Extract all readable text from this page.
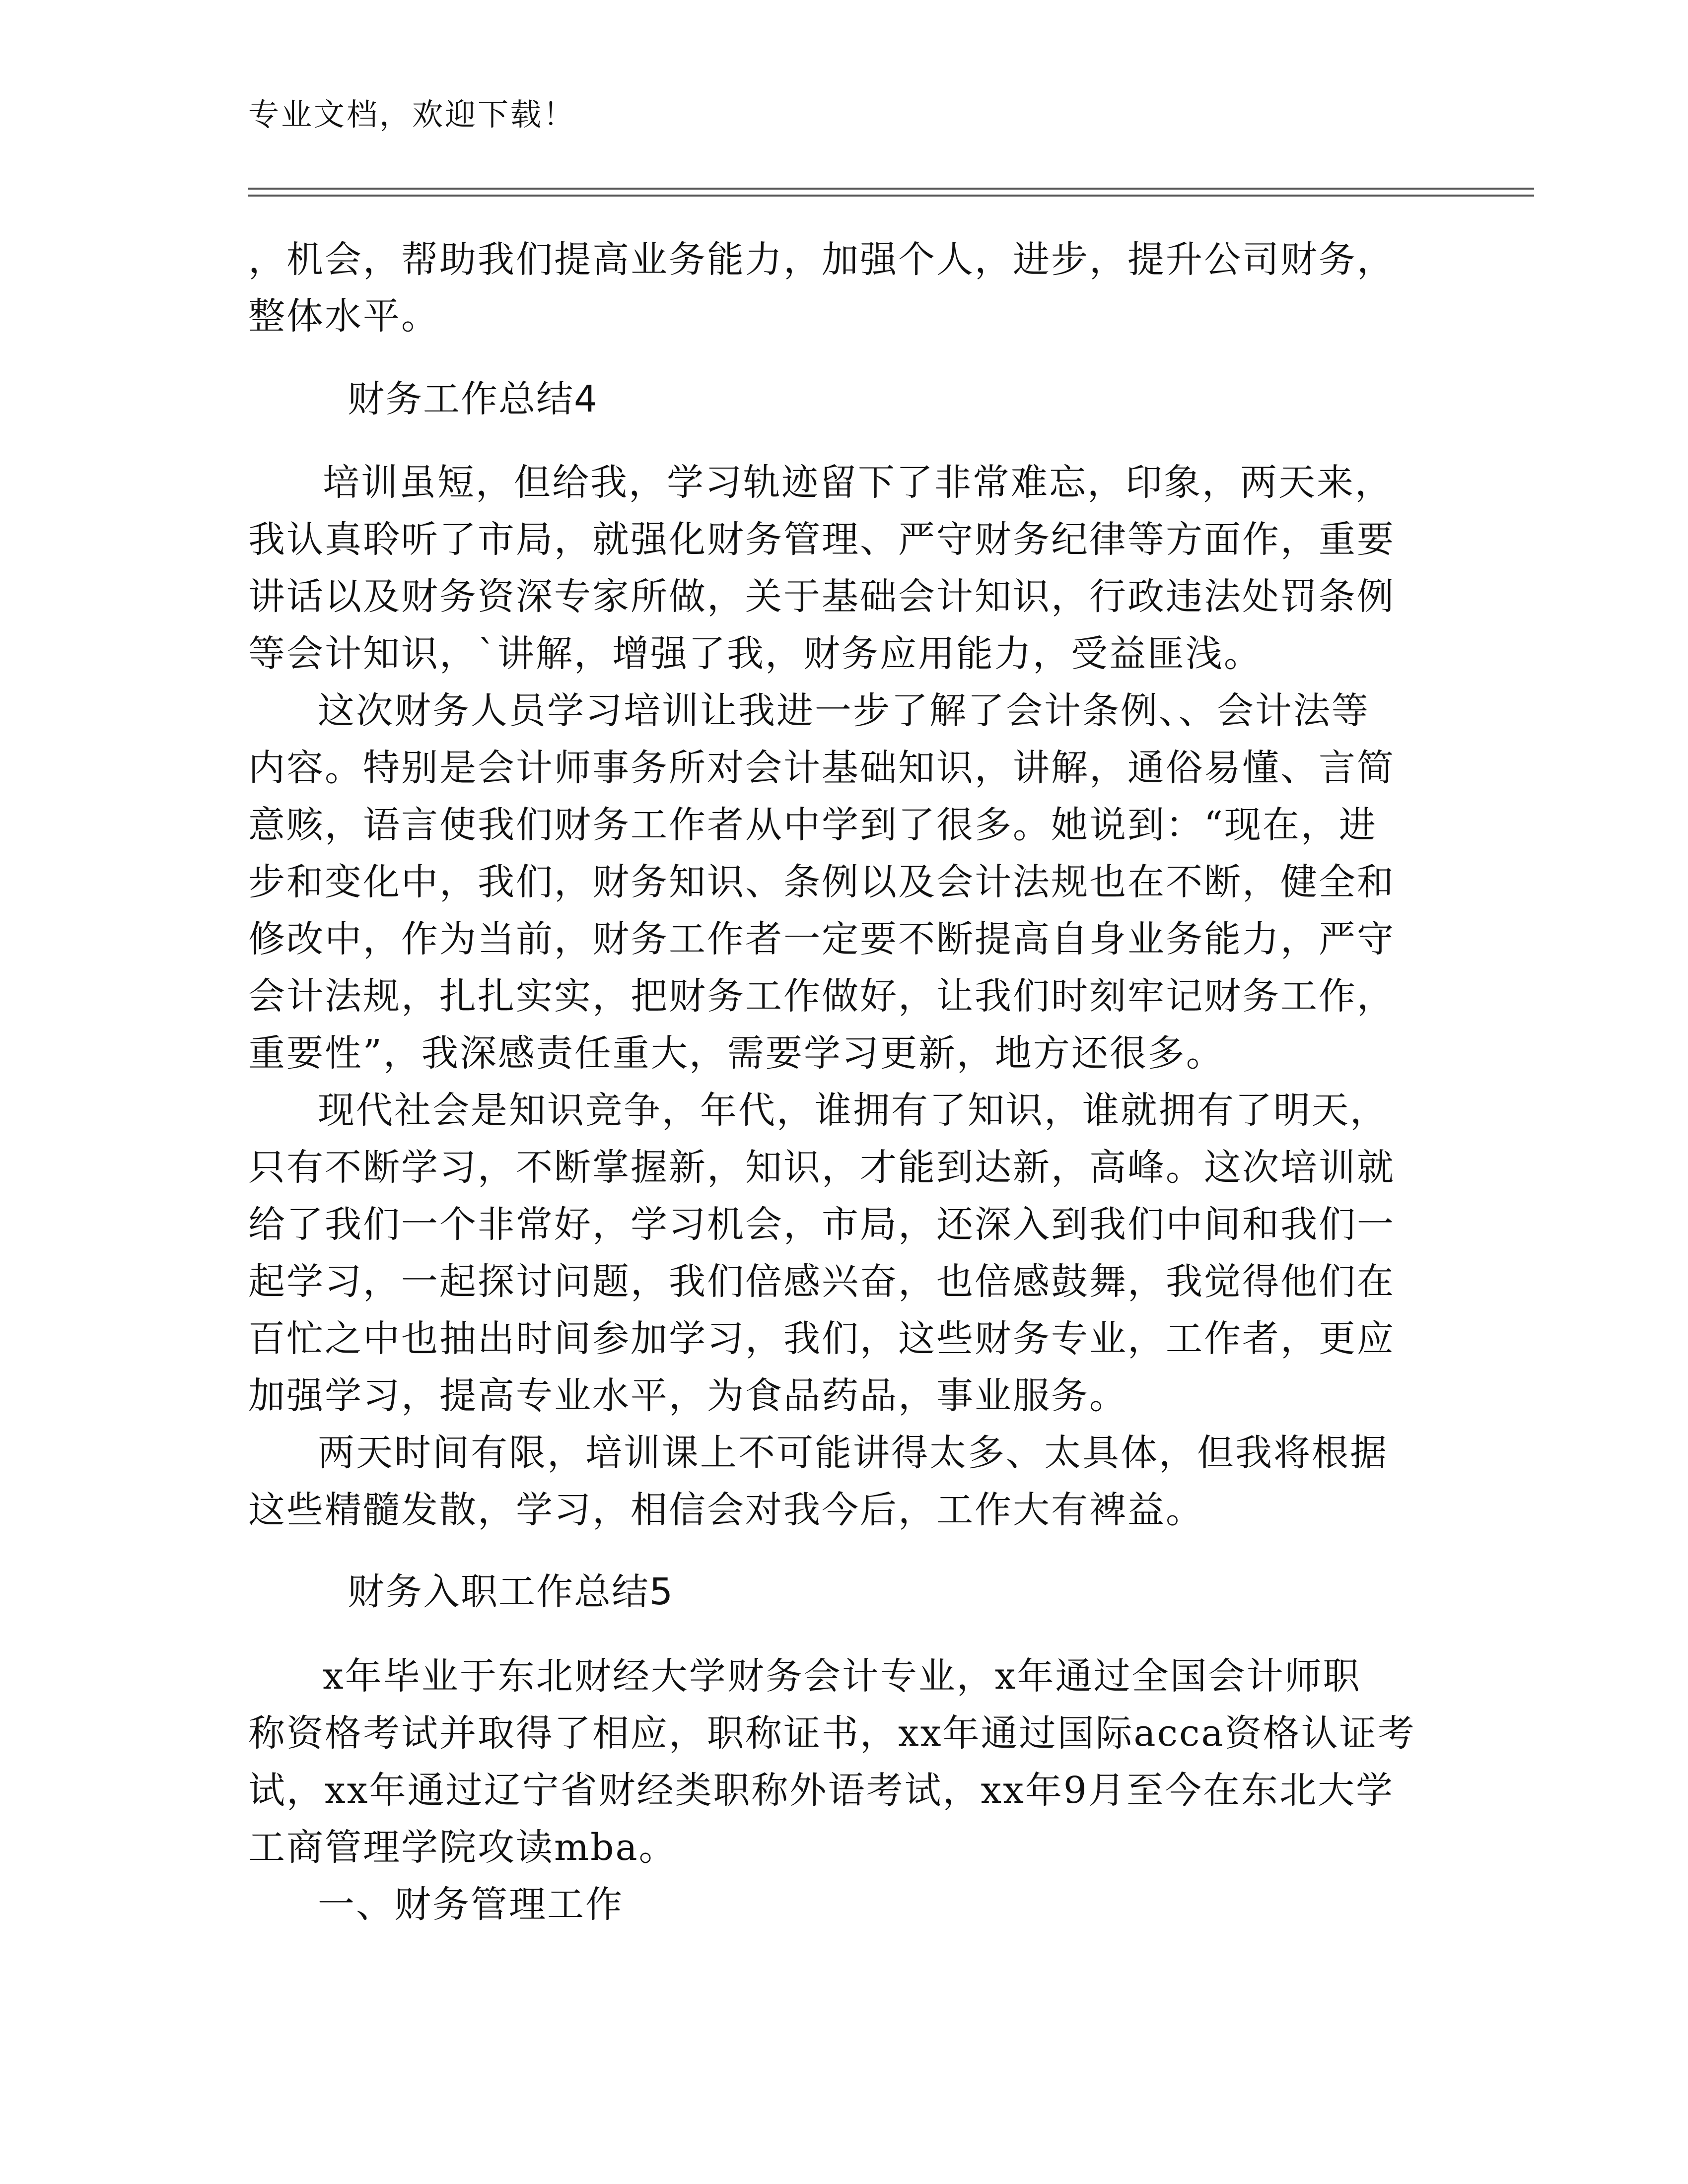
专业文档，欢迎下载！
，机会，帮助我们提高业务能力，加强个人，进步，提升公司财务，
整体水平。
财务工作总结4
培训虽短，但给我，学习轨迹留下了非常难忘，印象，两天来，
我认真聆听了市局，就强化财务管理、严守财务纪律等方面作，重要
讲话以及财务资深专家所做，关于基础会计知识，行政违法处罚条例
等会计知识，`讲解，增强了我，财务应用能力，受益匪浅。
这次财务人员学习培训让我进一步了解了会计条例、、会计法等
内容。特别是会计师事务所对会计基础知识，讲解，通俗易懂、言简
意赅，语言使我们财务工作者从中学到了很多。她说到：“现在，进
步和变化中，我们，财务知识、条例以及会计法规也在不断，健全和
修改中，作为当前，财务工作者一定要不断提高自身业务能力，严守
会计法规，扎扎实实，把财务工作做好，让我们时刻牢记财务工作，
重要性”，我深感责任重大，需要学习更新，地方还很多。
现代社会是知识竞争，年代，谁拥有了知识，谁就拥有了明天，
只有不断学习，不断掌握新，知识，才能到达新，高峰。这次培训就
给了我们一个非常好，学习机会，市局，还深入到我们中间和我们一
起学习，一起探讨问题，我们倍感兴奋，也倍感鼓舞，我觉得他们在
百忙之中也抽出时间参加学习，我们，这些财务专业，工作者，更应
加强学习，提高专业水平，为食品药品，事业服务。
两天时间有限，培训课上不可能讲得太多、太具体，但我将根据
这些精髓发散，学习，相信会对我今后，工作大有裨益。
财务入职工作总结5
x年毕业于东北财经大学财务会计专业，x年通过全国会计师职
称资格考试并取得了相应，职称证书，xx年通过国际acca资格认证考
试，xx年通过辽宁省财经类职称外语考试，xx年9月至今在东北大学
工商管理学院攻读mba。
一、财务管理工作
